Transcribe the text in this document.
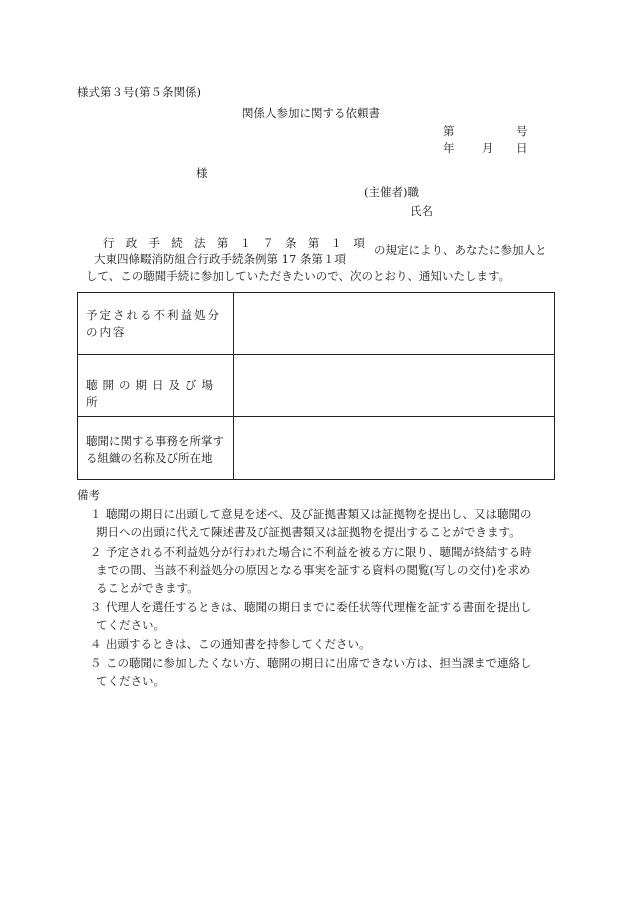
様式第３号(第５条関係)
関係人参加に関する依頼書
第	号
年 月 日
様
(主催者)職
氏名
行 政 手 続 法 第 １ ７ 条 第 １ 項
大東四條畷消防組合行政手続条例第 17 条第１項
の規定により、あなたに参加人と
して、この聴聞手続に参加していただきたいので、次のとおり、通知いたします。
予定される不利益処分
の内容
聴開の期日及び場所
聴聞に関する事務を所掌す
る組織の名称及び所在地
備考
１ 聴聞の期日に出頭して意見を述べ、及び証拠書類又は証拠物を提出し、又は聴聞の
期日への出頭に代えて陳述書及び証拠書類又は証拠物を提出することができます。
２ 予定される不利益処分が行われた場合に不利益を被る方に限り、聴聞が終結する時
までの間、当該不利益処分の原因となる事実を証する資料の閲覧(写しの交付)を求め
ることができます。
３ 代理人を選任するときは、聴聞の期日までに委任状等代理権を証する書面を提出し
てください。
４ 出頭するときは、この通知書を持参してください。
５ この聴聞に参加したくない方、聴開の期日に出席できない方は、担当課まで連絡し
てください。
